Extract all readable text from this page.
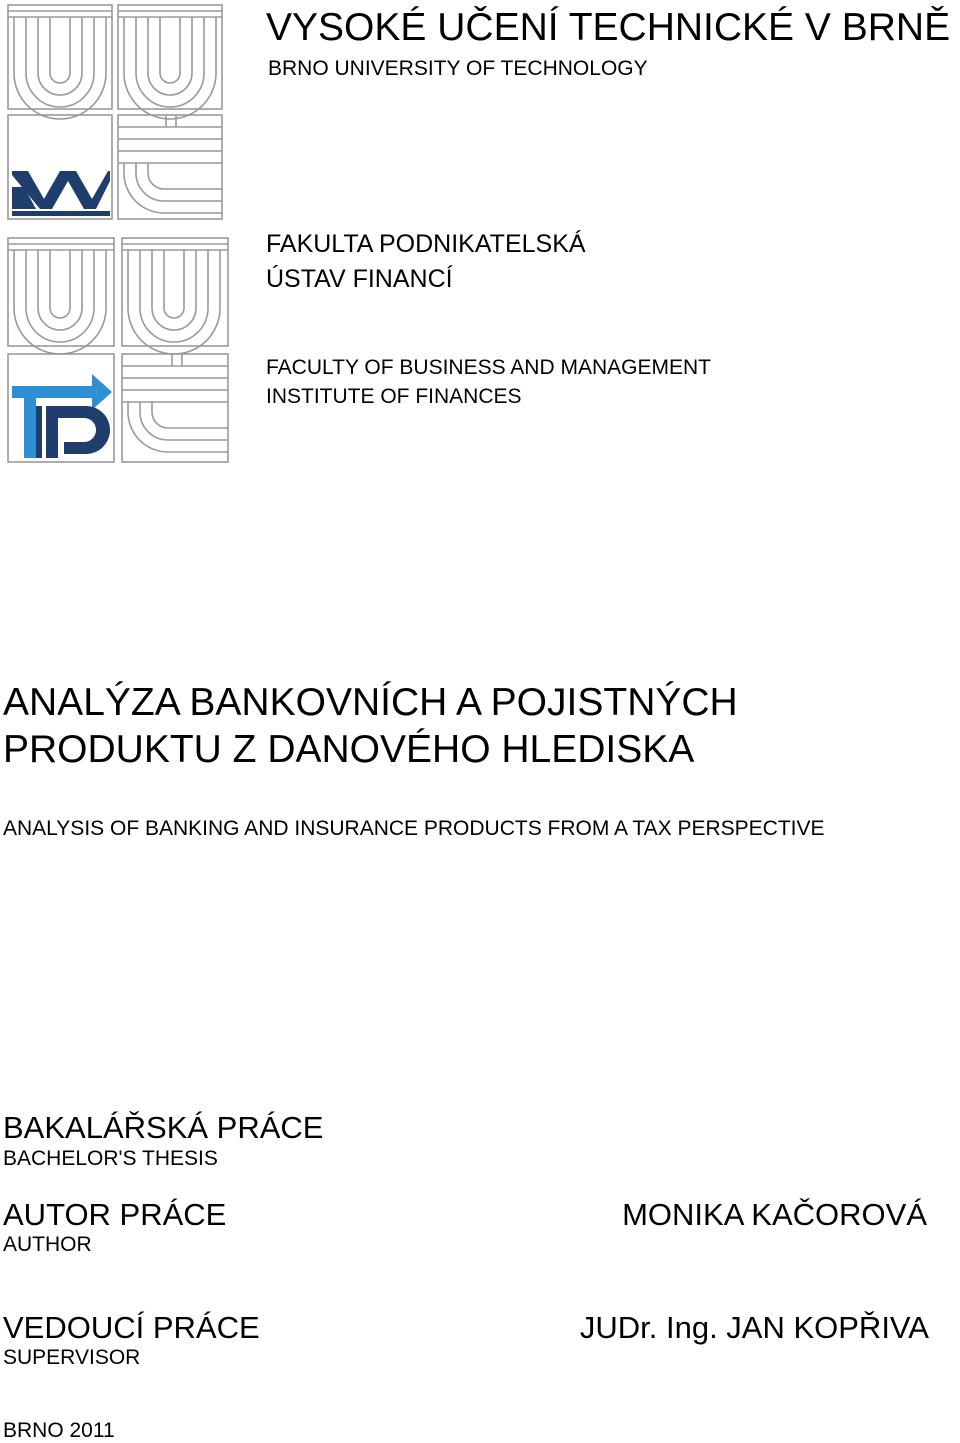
VYSOKÉ UČENÍ TECHNICKÉ V BRNĚ
BRNO UNIVERSITY OF TECHNOLOGY
FAKULTA PODNIKATELSKÁ
ÚSTAV FINANCÍ
FACULTY OF BUSINESS AND MANAGEMENT
INSTITUTE OF FINANCES
ANALÝZA BANKOVNÍCH A POJISTNÝCH
PRODUKTU Z DANOVÉHO HLEDISKA
ANALYSIS OF BANKING AND INSURANCE PRODUCTS FROM A TAX PERSPECTIVE
BAKALÁŘSKÁ PRÁCE
BACHELOR'S THESIS
AUTOR PRÁCE
AUTHOR
MONIKA KAČOROVÁ
VEDOUCÍ PRÁCE
SUPERVISOR
JUDr. Ing. JAN KOPŘIVA
BRNO 2011
